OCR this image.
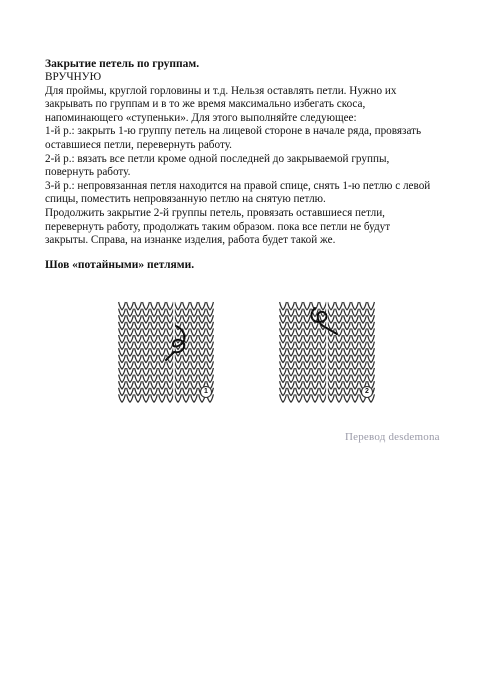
Закрытие петель по группам.

ВРУЧНУЮ

Для проймы, круглой горловины и т.д. Нельзя оставлять петли. Нужно их

закрывать по группам и в то же время максимально избегать скоса,

напоминающего «ступеньки». Для этого выполняйте следующее:

1-й р.: закрыть 1-ю группу петель на лицевой стороне в начале ряда, провязать

оставшиеся петли, перевернуть работу.

2-й р.: вязать все петли кроме одной последней до закрываемой группы,

повернуть работу.

3-й р.: непровязанная петля находится на правой спице, снять 1-ю петлю с левой

спицы, поместить непровязанную петлю на снятую петлю.

Продолжить закрытие 2-й группы петель, провязать оставшиеся петли,

перевернуть работу, продолжать таким образом. пока все петли не будут

закрыты. Справа, на изнанке изделия, работа будет такой же.

Шов «потайными» петлями.

1	2
Перевод desdemona
